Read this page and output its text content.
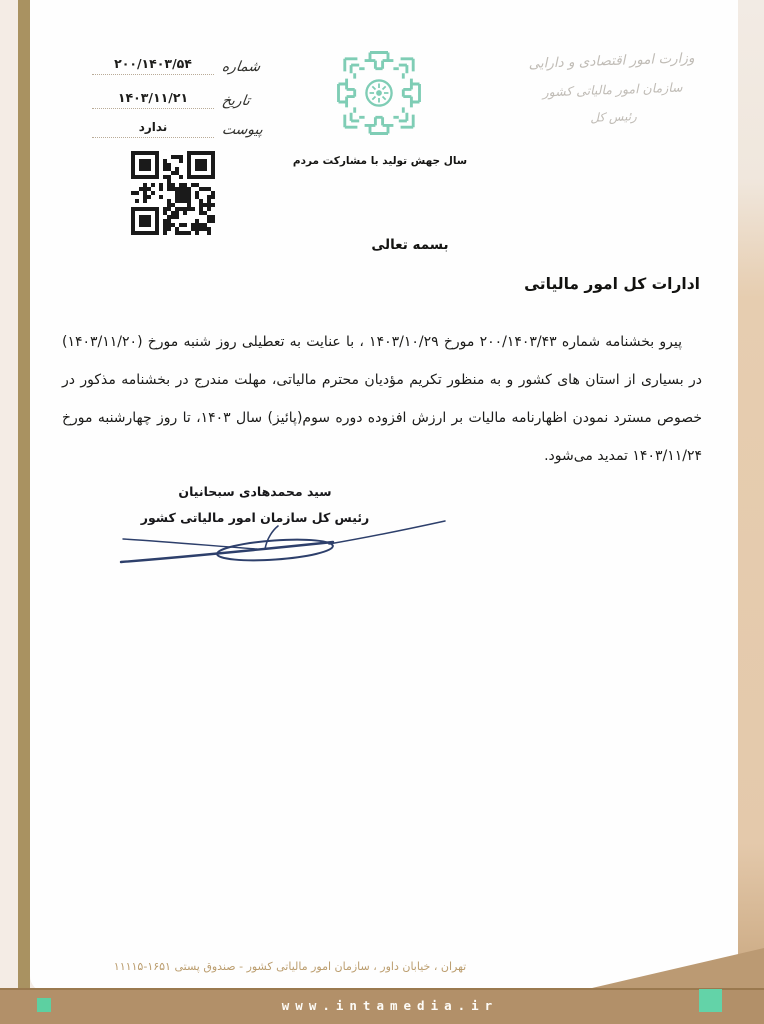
شماره
۲۰۰/۱۴۰۳/۵۴
تاریخ
۱۴۰۳/۱۱/۲۱
پیوست
ندارد
وزارت امور اقتصادی و دارایی
سازمان امور مالیاتی کشور
رئیس کل
سال جهش تولید با مشارکت مردم
بسمه تعالی
ادارات کل امور مالیاتی
پیرو بخشنامه شماره ۲۰۰/۱۴۰۳/۴۳ مورخ ۱۴۰۳/۱۰/۲۹ ، با عنایت به تعطیلی روز شنبه مورخ (۱۴۰۳/۱۱/۲۰)
در بسیاری از استان های کشور و به منظور تکریم مؤدیان محترم مالیاتی، مهلت مندرج در بخشنامه مذکور در
خصوص مسترد نمودن اظهارنامه مالیات بر ارزش افزوده دوره سوم(پائیز) سال ۱۴۰۳، تا روز چهارشنبه مورخ
۱۴۰۳/۱۱/۲۴ تمدید می‌شود.
سید محمدهادی سبحانیان
رئیس کل سازمان امور مالیاتی کشور
تهران ، خیابان داور ، سازمان امور مالیاتی کشور - صندوق پستی ۱۶۵۱-۱۱۱۱۵
www.intamedia.ir
